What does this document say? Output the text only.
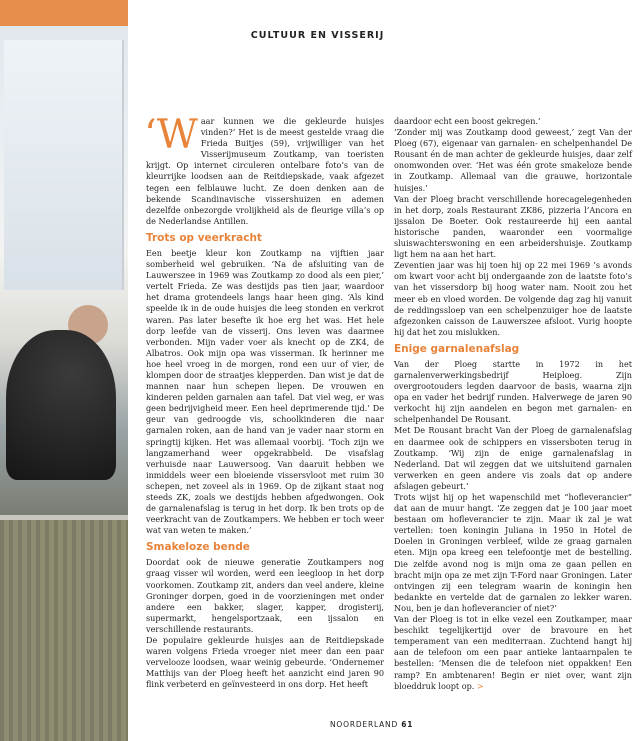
CULTUUR EN VISSERIJ

‘Waar kunnen we die gekleurde huisjes vinden?’ Het is de meest gestelde vraag die Frieda Buitjes (59), vrijwilliger van het Visserijmuseum Zoutkamp, van toeristen krijgt. Op internet circuleren ontelbare foto’s van de kleurrijke loodsen aan de Reitdiepskade, vaak afgezet tegen een felblauwe lucht. Ze doen denken aan de bekende Scandinavische vissershuizen en ademen dezelfde onbezorgde vrolijkheid als de fleurige villa’s op de Nederlandse Antillen.

Trots op veerkracht

Een beetje kleur kon Zoutkamp na vijftien jaar somberheid wel gebruiken. ‘Na de afsluiting van de Lauwerszee in 1969 was Zoutkamp zo dood als een pier,’ vertelt Frieda. Ze was destijds pas tien jaar, waardoor het drama grotendeels langs haar heen ging. ‘Als kind speelde ik in de oude huisjes die leeg stonden en verkrot waren. Pas later besefte ik hoe erg het was. Het hele dorp leefde van de visserij. Ons leven was daarmee verbonden. Mijn vader voer als knecht op de ZK4, de Albatros. Ook mijn opa was visserman. Ik herinner me hoe heel vroeg in de morgen, rond een uur of vier, de klompen door de straatjes klepperden. Dan wist je dat de mannen naar hun schepen liepen. De vrouwen en kinderen pelden garnalen aan tafel. Dat viel weg, er was geen bedrijvigheid meer. Een heel deprimerende tijd.’ De geur van gedroogde vis, schoolkinderen die naar garnalen roken, aan de hand van je vader naar storm en springtij kijken. Het was allemaal voorbij. ‘Toch zijn we langzamerhand weer opgekrabbeld. De visafslag verhuisde naar Lauwersoog. Van daaruit hebben we inmiddels weer een bloeiende vissersvloot met ruim 30 schepen, net zoveel als in 1969. Op de zijkant staat nog steeds ZK, zoals we destijds hebben afgedwongen. Ook de garnalenafslag is terug in het dorp. Ik ben trots op de veerkracht van de Zoutkampers. We hebben er toch weer wat van weten te maken.’

Smakeloze bende

Doordat ook de nieuwe generatie Zoutkampers nog graag visser wil worden, werd een leegloop in het dorp voorkomen. Zoutkamp zit, anders dan veel andere, kleine Groninger dorpen, goed in de voorzieningen met onder andere een bakker, slager, kapper, drogisterij, supermarkt, hengelsportzaak, een ijssalon en verschillende restaurants.

De populaire gekleurde huisjes aan de Reitdiepskade waren volgens Frieda vroeger niet meer dan een paar vervelooze loodsen, waar weinig gebeurde. ‘Ondernemer Matthijs van der Ploeg heeft het aanzicht eind jaren 90 flink verbeterd en geïnvesteerd in ons dorp. Het heeft

daardoor echt een boost gekregen.’

‘Zonder mij was Zoutkamp dood geweest,’ zegt Van der Ploeg (67), eigenaar van garnalen- en schelpenhandel De Rousant én de man achter de gekleurde huisjes, daar zelf onomwonden over. ‘Het was één grote smakeloze bende in Zoutkamp. Allemaal van die grauwe, horizontale huisjes.’

Van der Ploeg bracht verschillende horecagelegenheden in het dorp, zoals Restaurant ZK86, pizzeria l’Ancora en ijssalon De Boeter. Ook restaureerde hij een aantal historische panden, waaronder een voormalige sluiswachterswoning en een arbeidershuisje. Zoutkamp ligt hem na aan het hart.

Zeventien jaar was hij toen hij op 22 mei 1969 ’s avonds om kwart voor acht bij ondergaande zon de laatste foto’s van het vissersdorp bij hoog water nam. Nooit zou het meer eb en vloed worden. De volgende dag zag hij vanuit de reddingssloep van een schelpenzuiger hoe de laatste afgezonken caisson de Lauwerszee afsloot. Vurig hoopte hij dat het zou mislukken.

Enige garnalenafslag

Van der Ploeg startte in 1972 in het garnalenverwerkingsbedrijf Heiploeg. Zijn overgrootouders legden daarvoor de basis, waarna zijn opa en vader het bedrijf runden. Halverwege de jaren 90 verkocht hij zijn aandelen en begon met garnalen- en schelpenhandel De Rousant.

Met De Rousant bracht Van der Ploeg de garnalenafslag en daarmee ook de schippers en vissersboten terug in Zoutkamp. ‘Wij zijn de enige garnalenafslag in Nederland. Dat wil zeggen dat we uitsluitend garnalen verwerken en geen andere vis zoals dat op andere afslagen gebeurt.’

Trots wijst hij op het wapenschild met “hofleverancier” dat aan de muur hangt. ‘Ze zeggen dat je 100 jaar moet bestaan om hofleverancier te zijn. Maar ik zal je wat vertellen: toen koningin Juliana in 1950 in Hotel de Doelen in Groningen verbleef, wilde ze graag garnalen eten. Mijn opa kreeg een telefoontje met de bestelling. Die zelfde avond nog is mijn oma ze gaan pellen en bracht mijn opa ze met zijn T-Ford naar Groningen. Later ontvingen zij een telegram waarin de koningin hen bedankte en vertelde dat de garnalen zo lekker waren. Nou, ben je dan hofleverancier of niet?’

Van der Ploeg is tot in elke vezel een Zoutkamper, maar beschikt tegelijkertijd over de bravoure en het temperament van een mediterraan. Zuchtend hangt hij aan de telefoon om een paar antieke lantaarnpalen te bestellen: ‘Mensen die de telefoon niet oppakken! Een ramp? En ambtenaren! Begin er niet over, want zijn bloeddruk loopt op. >

NOORDERLAND 61
